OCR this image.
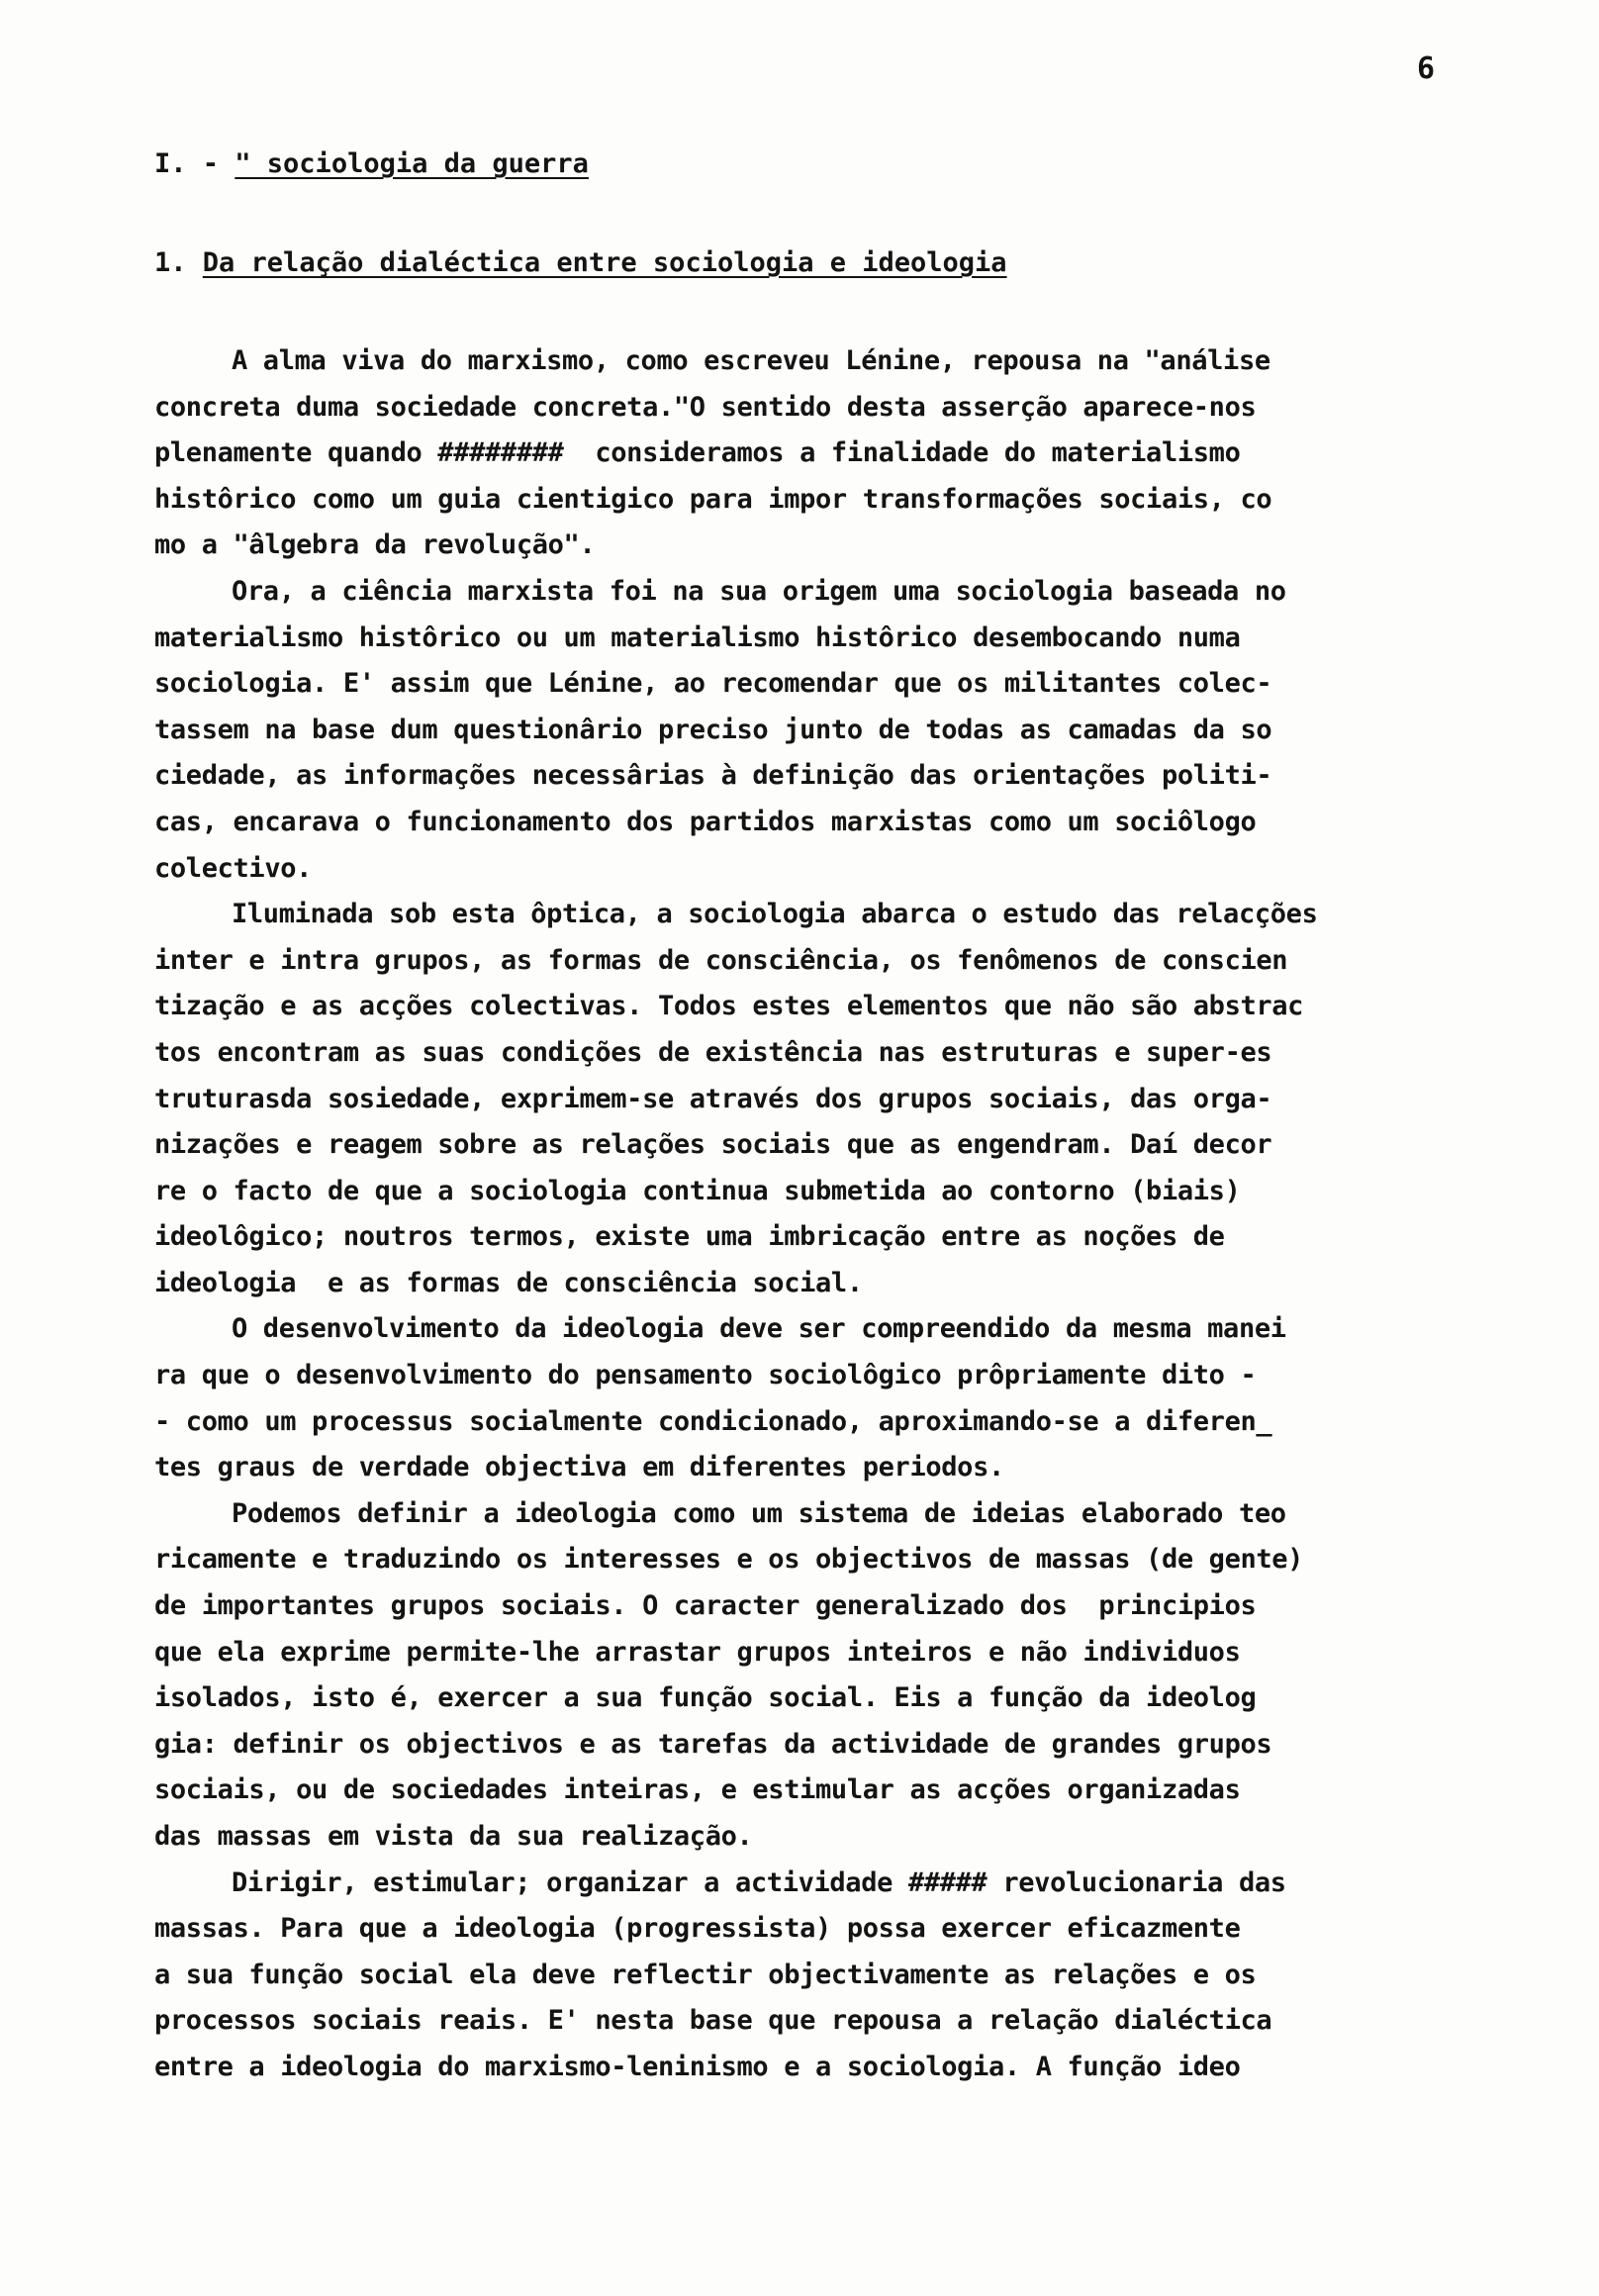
6
I. - " sociologia da guerra
1. Da relação dialéctica entre sociologia e ideologia
A alma viva do marxismo, como escreveu Lénine, repousa na "análise
concreta duma sociedade concreta."O sentido desta asserção aparece-nos
plenamente quando ########  consideramos a finalidade do materialismo
histôrico como um guia cientigico para impor transformações sociais, co
mo a "âlgebra da revolução".
Ora, a ciência marxista foi na sua origem uma sociologia baseada no
materialismo histôrico ou um materialismo histôrico desembocando numa
sociologia. E' assim que Lénine, ao recomendar que os militantes colec-
tassem na base dum questionârio preciso junto de todas as camadas da so
ciedade, as informações necessârias à definição das orientações politi-
cas, encarava o funcionamento dos partidos marxistas como um sociôlogo
colectivo.
Iluminada sob esta ôptica, a sociologia abarca o estudo das relacções
inter e intra grupos, as formas de consciência, os fenômenos de conscien
tização e as acções colectivas. Todos estes elementos que não são abstrac
tos encontram as suas condições de existência nas estruturas e super-es
truturasda sosiedade, exprimem-se através dos grupos sociais, das orga-
nizações e reagem sobre as relações sociais que as engendram. Daí decor
re o facto de que a sociologia continua submetida ao contorno (biais)
ideolôgico; noutros termos, existe uma imbricação entre as noções de
ideologia  e as formas de consciência social.
O desenvolvimento da ideologia deve ser compreendido da mesma manei
ra que o desenvolvimento do pensamento sociolôgico prôpriamente dito -
- como um processus socialmente condicionado, aproximando-se a diferen_
tes graus de verdade objectiva em diferentes periodos.
Podemos definir a ideologia como um sistema de ideias elaborado teo
ricamente e traduzindo os interesses e os objectivos de massas (de gente)
de importantes grupos sociais. O caracter generalizado dos  principios
que ela exprime permite-lhe arrastar grupos inteiros e não individuos
isolados, isto é, exercer a sua função social. Eis a função da ideolog
gia: definir os objectivos e as tarefas da actividade de grandes grupos
sociais, ou de sociedades inteiras, e estimular as acções organizadas
das massas em vista da sua realização.
Dirigir, estimular; organizar a actividade ##### revolucionaria das
massas. Para que a ideologia (progressista) possa exercer eficazmente
a sua função social ela deve reflectir objectivamente as relações e os
processos sociais reais. E' nesta base que repousa a relação dialéctica
entre a ideologia do marxismo-leninismo e a sociologia. A função ideo
